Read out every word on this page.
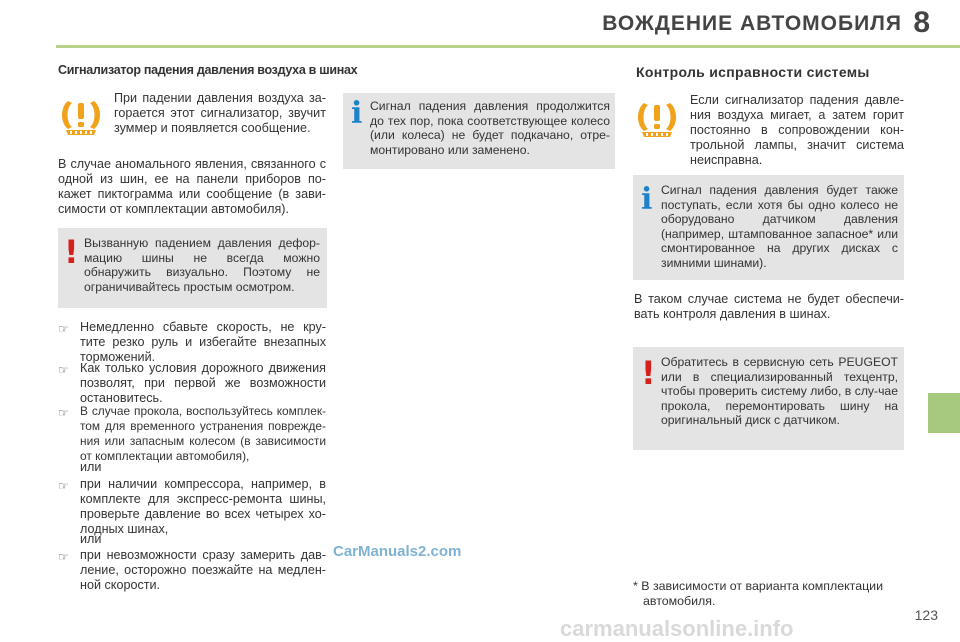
ВОЖДЕНИЕ АВТОМОБИЛЯ 8
Сигнализатор падения давления воздуха в шинах
При падении давления воздуха за-горается этот сигнализатор, звучит зуммер и появляется сообщение.
В случае аномального явления, связанного с одной из шин, ее на панели приборов по-кажет пиктограмма или сообщение (в зави-симости от комплектации автомобиля).
! Вызванную падением давления дефор-мацию шины не всегда можно обнаружить визуально. Поэтому не ограничивайтесь простым осмотром.
☞ Немедленно сбавьте скорость, не кру-тите резко руль и избегайте внезапных торможений.
☞ Как только условия дорожного движения позволят, при первой же возможности остановитесь.
☞ В случае прокола, воспользуйтесь комплек-том для временного устранения поврежде-ния или запасным колесом (в зависимости от комплектации автомобиля),
или
☞ при наличии компрессора, например, в комплекте для экспресс-ремонта шины, проверьте давление во всех четырех хо-лодных шинах,
или
☞ при невозможности сразу замерить дав-ление, осторожно поезжайте на медлен-ной скорости.
CarManuals2.com
i Сигнал падения давления продолжится до тех пор, пока соответствующее колесо (или колеса) не будет подкачано, отре-монтировано или заменено.
Контроль исправности системы
Если сигнализатор падения давле-ния воздуха мигает, а затем горит постоянно в сопровождении кон-трольной лампы, значит система неисправна.
i Сигнал падения давления будет также поступать, если хотя бы одно колесо не оборудовано датчиком давления (например, штампованное запасное* или смонтированное на других дисках с зимними шинами).
В таком случае система не будет обеспечи-вать контроля давления в шинах.
! Обратитесь в сервисную сеть PEUGEOT или в специализированный техцентр, чтобы проверить систему либо, в слу-чае прокола, перемонтировать шину на оригинальный диск с датчиком.
* В зависимости от варианта комплектации автомобиля.
carmanualsonline.info
123
